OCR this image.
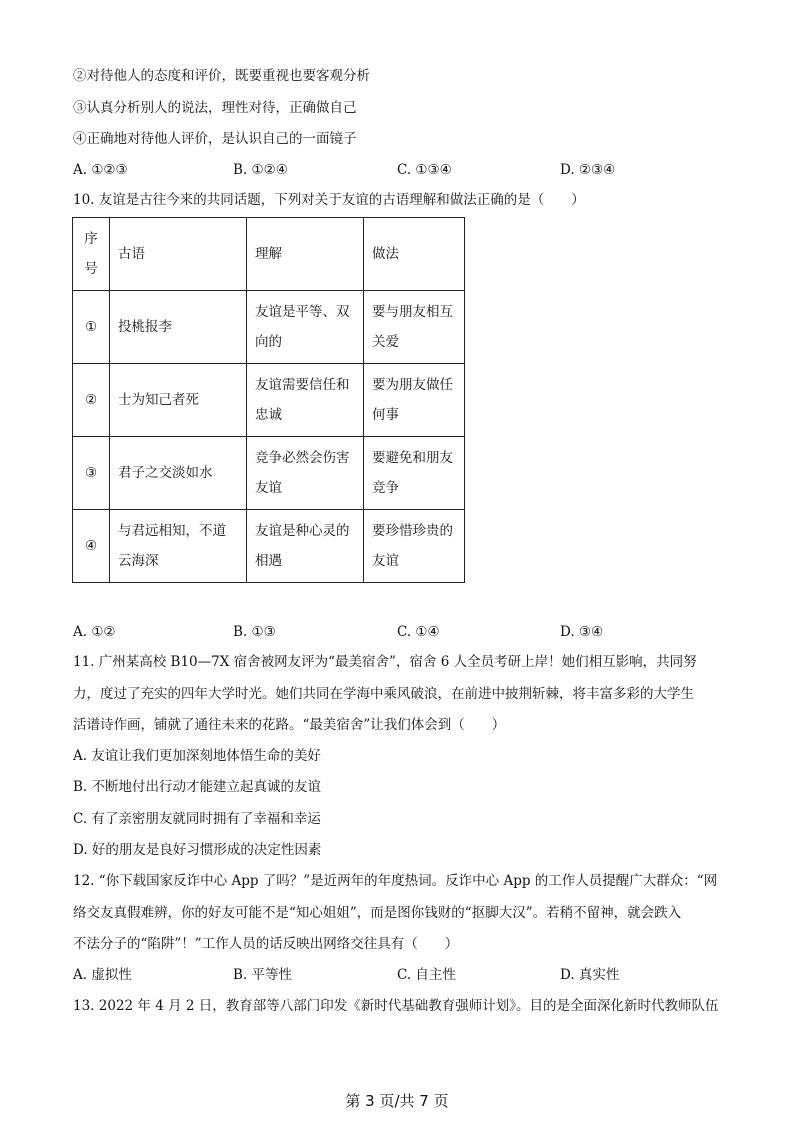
②对待他人的态度和评价，既要重视也要客观分析
③认真分析别人的说法，理性对待，正确做自己
④正确地对待他人评价，是认识自己的一面镜子
A. ①②③	B. ①②④	C. ①③④	D. ②③④
10. 友谊是古往今来的共同话题，下列对关于友谊的古语理解和做法正确的是（　　）
序号	古语	理解	做法
①	投桃报李	友谊是平等、双向的	要与朋友相互关爱
②	士为知己者死	友谊需要信任和忠诚	要为朋友做任何事
③	君子之交淡如水	竞争必然会伤害友谊	要避免和朋友竞争
④	与君远相知，不道云海深	友谊是种心灵的相遇	要珍惜珍贵的友谊
A. ①②	B. ①③	C. ①④	D. ③④
11. 广州某高校 B10—7X 宿舍被网友评为“最美宿舍”，宿舍 6 人全员考研上岸！她们相互影响，共同努
力，度过了充实的四年大学时光。她们共同在学海中乘风破浪，在前进中披荆斩棘，将丰富多彩的大学生
活谱诗作画，铺就了通往未来的花路。“最美宿舍”让我们体会到（　　）
A. 友谊让我们更加深刻地体悟生命的美好
B. 不断地付出行动才能建立起真诚的友谊
C. 有了亲密朋友就同时拥有了幸福和幸运
D. 好的朋友是良好习惯形成的决定性因素
12. “你下载国家反诈中心 App 了吗？”是近两年的年度热词。反诈中心 App 的工作人员提醒广大群众：“网
络交友真假难辨，你的好友可能不是“知心姐姐”，而是图你钱财的“抠脚大汉”。若稍不留神，就会跌入
不法分子的“陷阱”！”工作人员的话反映出网络交往具有（　　）
A. 虚拟性	B. 平等性	C. 自主性	D. 真实性
13. 2022 年 4 月 2 日，教育部等八部门印发《新时代基础教育强师计划》。目的是全面深化新时代教师队伍
第 3 页/共 7 页
